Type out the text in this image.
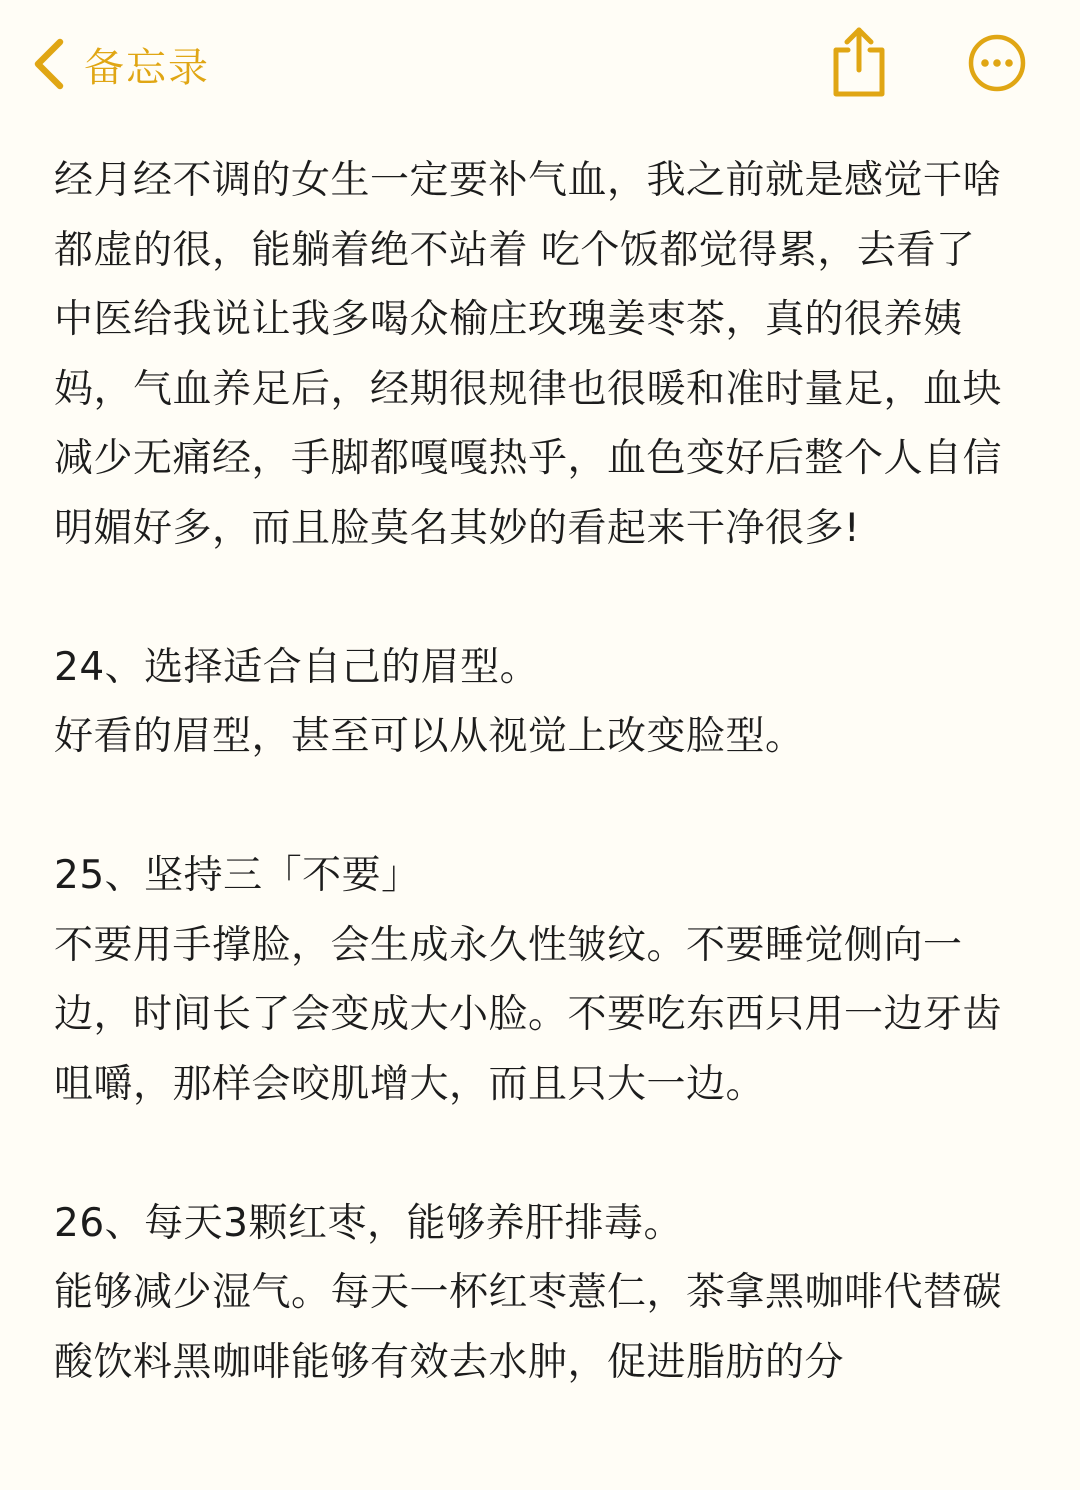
备忘录

经月经不调的女生一定要补气血，我之前就是感觉干啥都虚的很，能躺着绝不站着 吃个饭都觉得累，去看了中医给我说让我多喝众榆庄玫瑰姜枣茶，真的很养姨妈，气血养足后，经期很规律也很暖和准时量足，血块减少无痛经，手脚都嘎嘎热乎，血色变好后整个人自信明媚好多，而且脸莫名其妙的看起来干净很多!

24、选择适合自己的眉型。

好看的眉型，甚至可以从视觉上改变脸型。

25、坚持三「不要」

不要用手撑脸，会生成永久性皱纹。不要睡觉侧向一边，时间长了会变成大小脸。不要吃东西只用一边牙齿咀嚼，那样会咬肌增大，而且只大一边。

26、每天3颗红枣，能够养肝排毒。

能够减少湿气。每天一杯红枣薏仁，茶拿黑咖啡代替碳酸饮料黑咖啡能够有效去水肿，促进脂肪的分
